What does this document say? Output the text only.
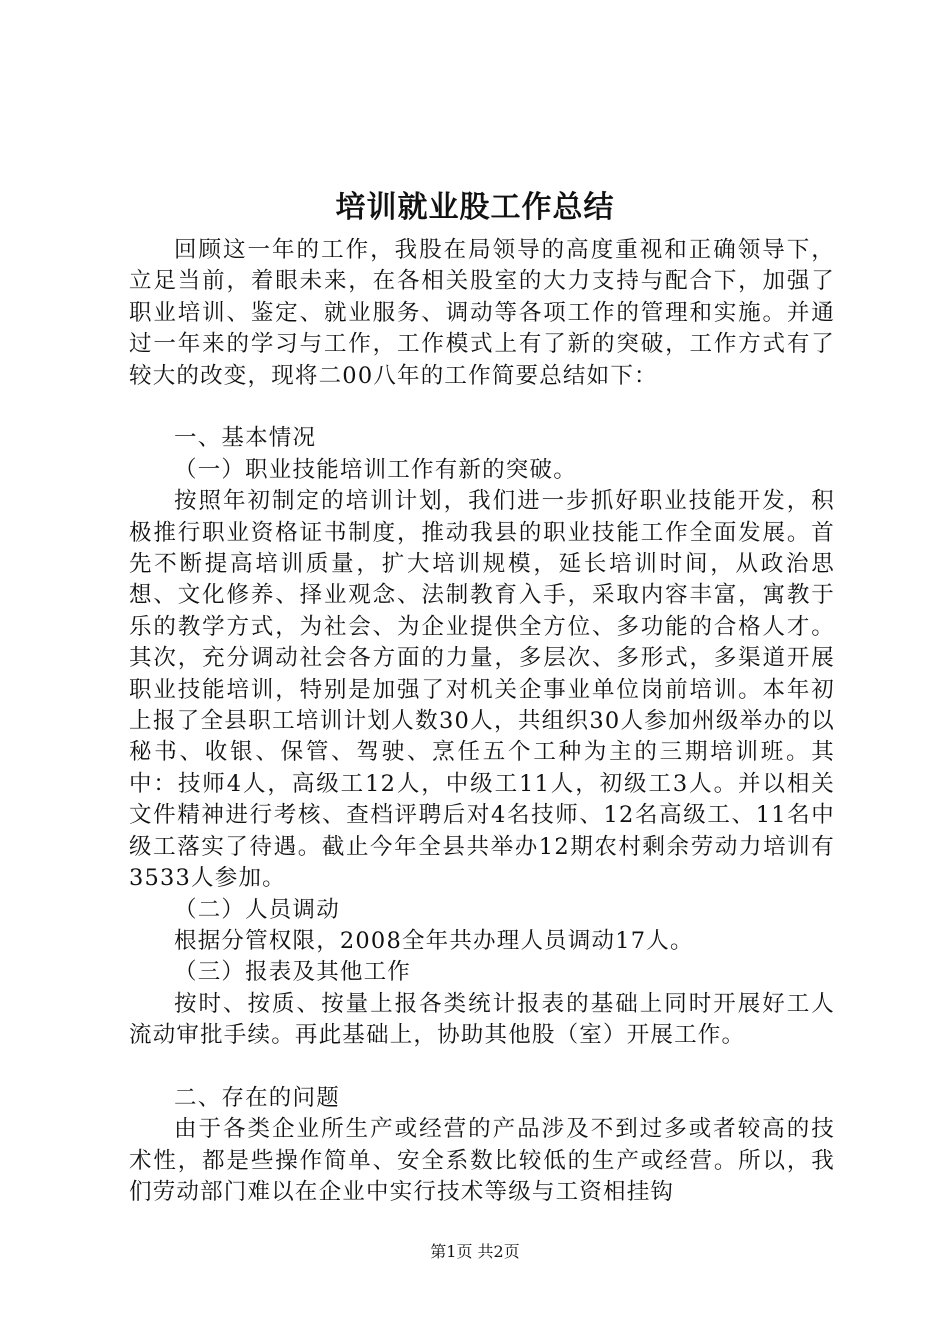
培训就业股工作总结

回顾这一年的工作，我股在局领导的高度重视和正确领导下，立足当前，着眼未来，在各相关股室的大力支持与配合下，加强了职业培训、鉴定、就业服务、调动等各项工作的管理和实施。并通过一年来的学习与工作，工作模式上有了新的突破，工作方式有了较大的改变，现将二00八年的工作简要总结如下：

一、基本情况

（一）职业技能培训工作有新的突破。

按照年初制定的培训计划，我们进一步抓好职业技能开发，积极推行职业资格证书制度，推动我县的职业技能工作全面发展。首先不断提高培训质量，扩大培训规模，延长培训时间，从政治思想、文化修养、择业观念、法制教育入手，采取内容丰富，寓教于乐的教学方式，为社会、为企业提供全方位、多功能的合格人才。其次，充分调动社会各方面的力量，多层次、多形式，多渠道开展职业技能培训，特别是加强了对机关企事业单位岗前培训。本年初上报了全县职工培训计划人数30人，共组织30人参加州级举办的以秘书、收银、保管、驾驶、烹任五个工种为主的三期培训班。其中：技师4人，高级工12人，中级工11人，初级工3人。并以相关文件精神进行考核、查档评聘后对4名技师、12名高级工、11名中级工落实了待遇。截止今年全县共举办12期农村剩余劳动力培训有3533人参加。

（二）人员调动

根据分管权限，2008全年共办理人员调动17人。

（三）报表及其他工作

按时、按质、按量上报各类统计报表的基础上同时开展好工人流动审批手续。再此基础上，协助其他股（室）开展工作。

二、存在的问题

由于各类企业所生产或经营的产品涉及不到过多或者较高的技术性，都是些操作简单、安全系数比较低的生产或经营。所以，我们劳动部门难以在企业中实行技术等级与工资相挂钩

第1页 共2页
